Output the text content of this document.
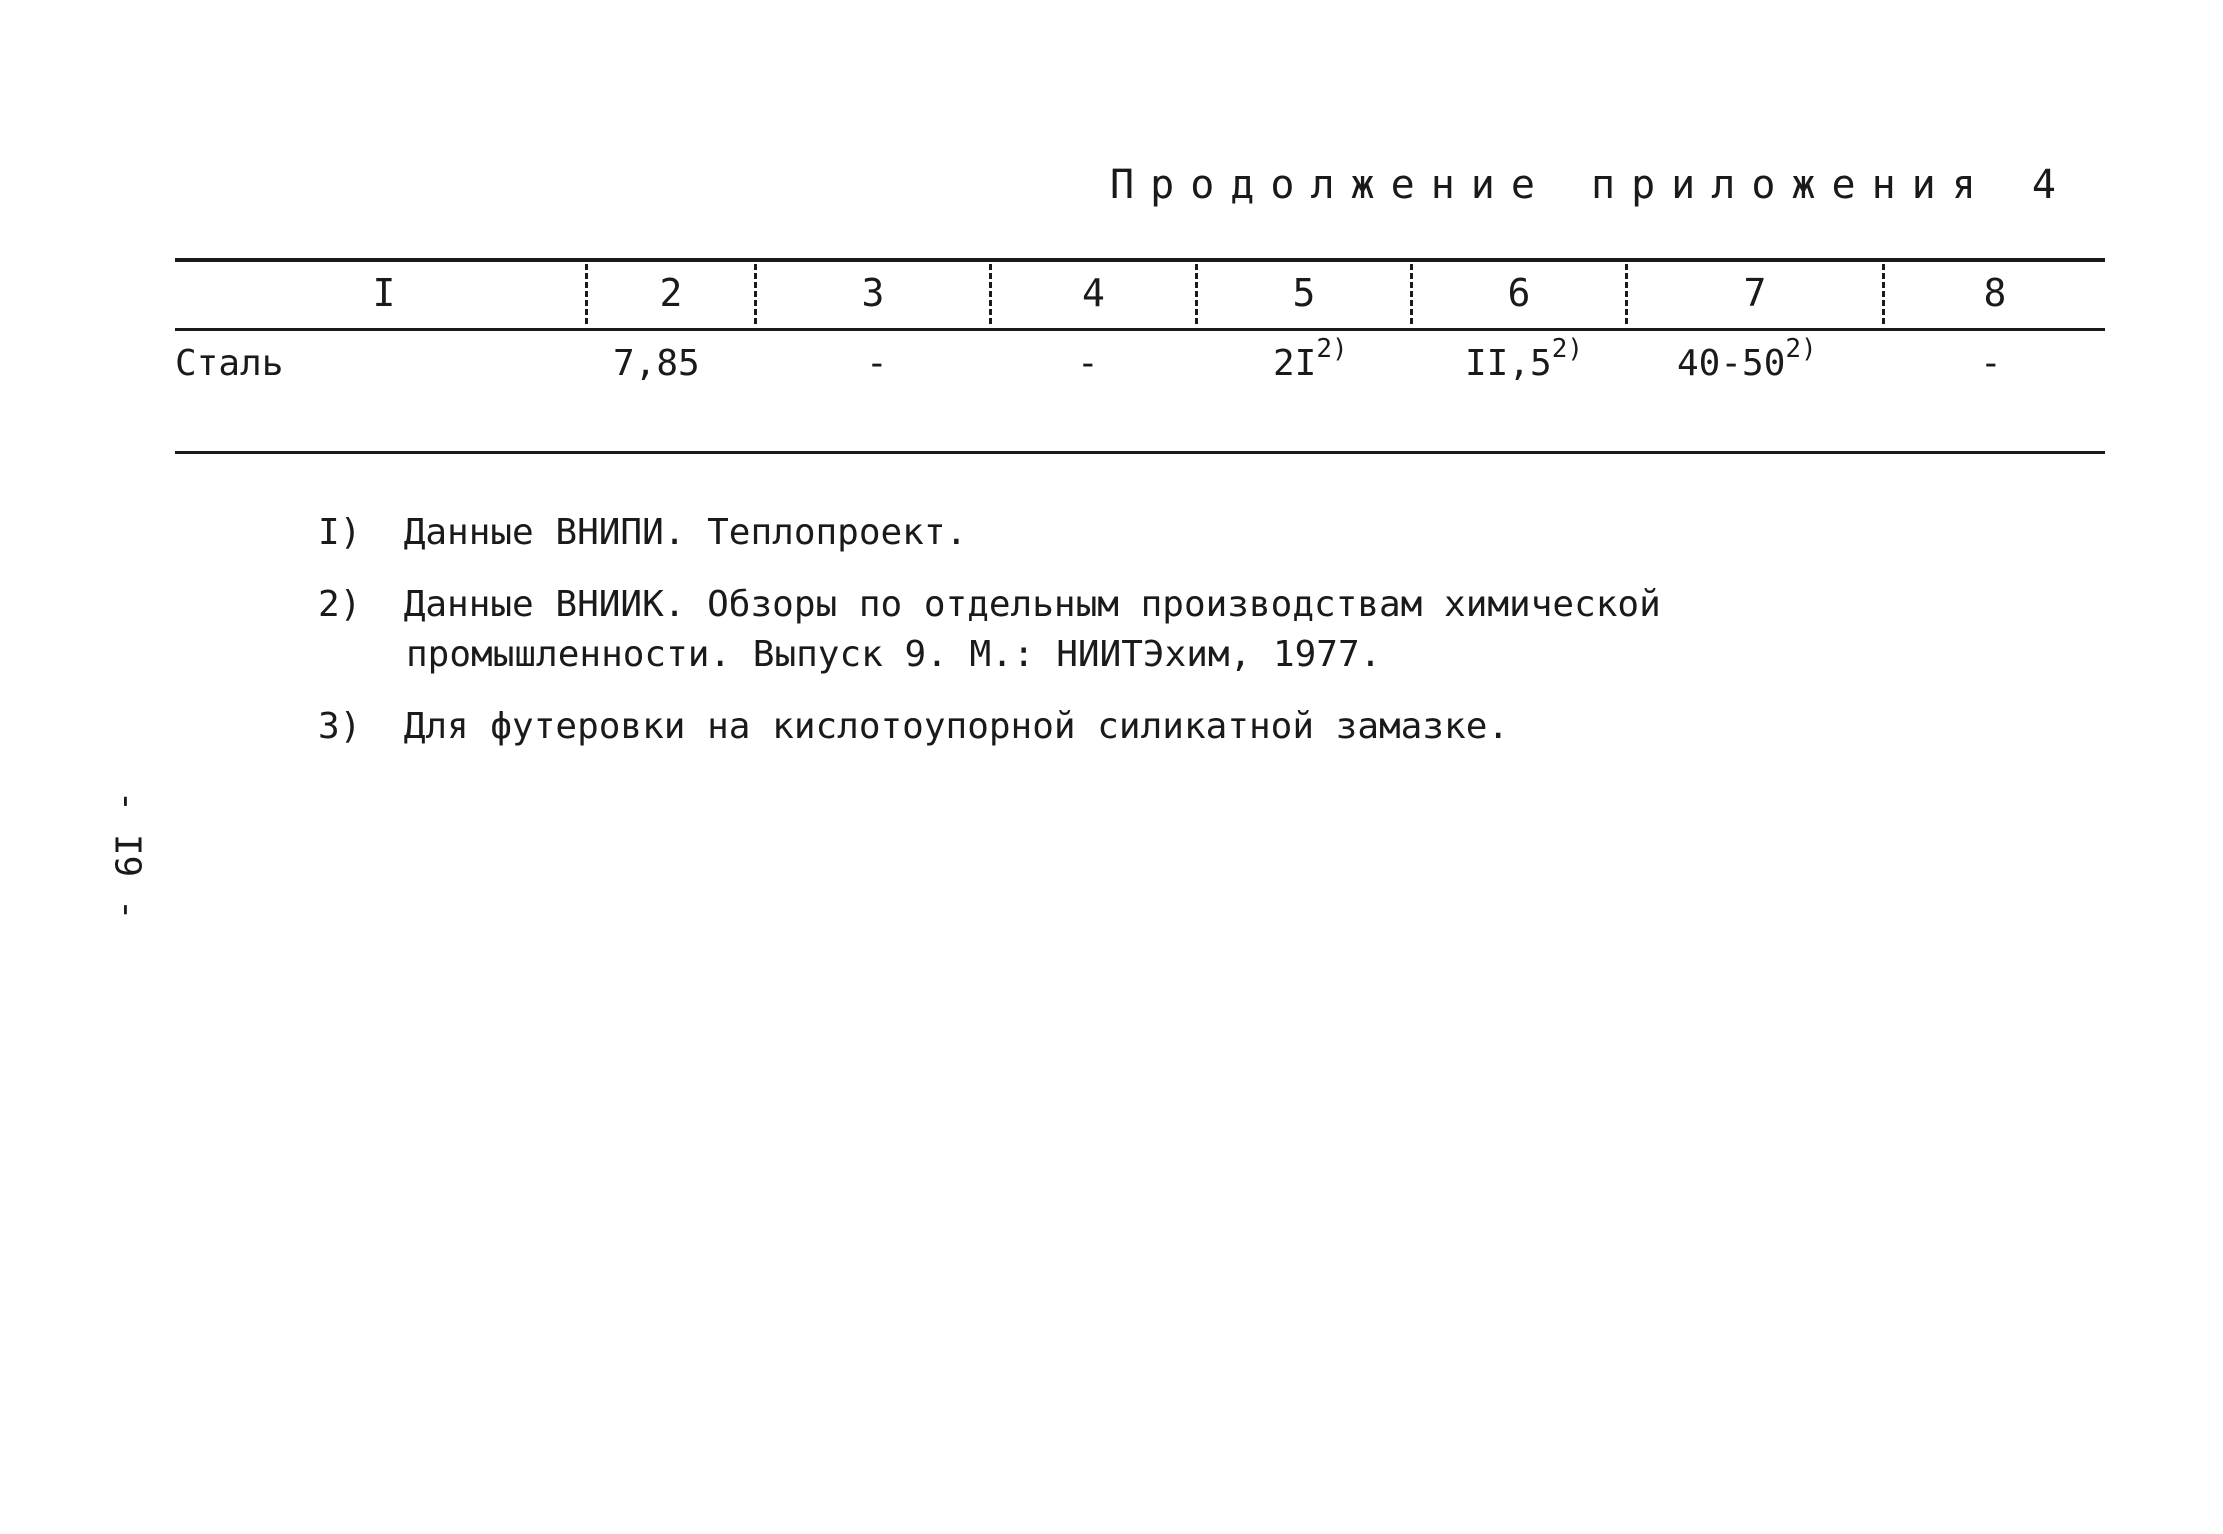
Продолжение приложения 4
I	2	3	4	5	6	7	8
Сталь	7,85	-	-	$2I^{2)}$	II,5$^{2)}$	40-50$^{2)}$	-
I) Данные ВНИПИ. Теплопроект.
2) Данные ВНИИК. Обзоры по отдельным производствам химической
промышленности. Выпуск 9. М.: НИИТЭхим, 1977.
3) Для футеровки на кислотоупорной силикатной замазке.
- I9 -
